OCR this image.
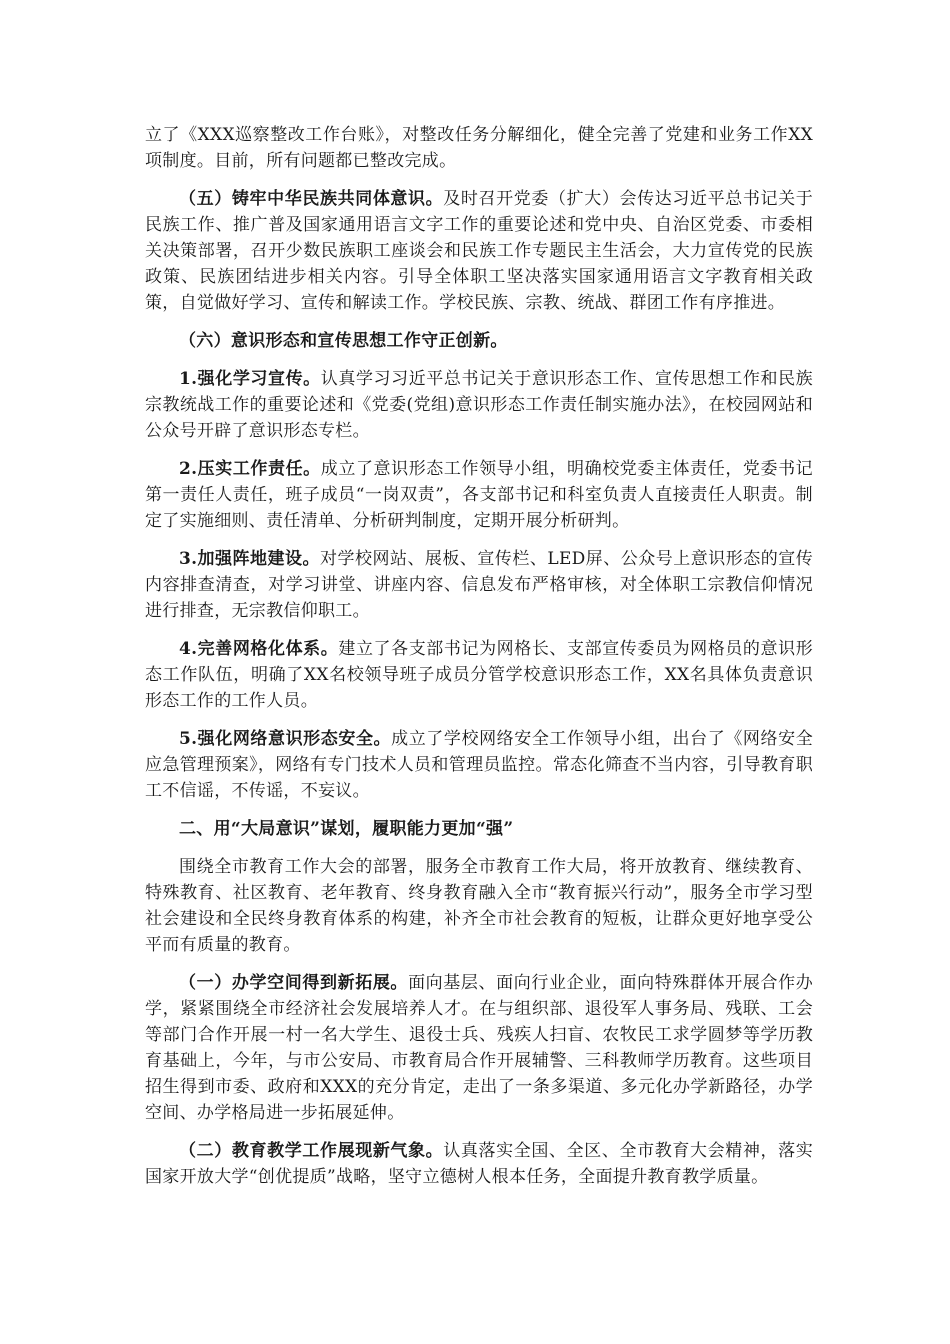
立了《XXX巡察整改工作台账》，对整改任务分解细化，健全完善了党建和业务工作XX项制度。目前，所有问题都已整改完成。

（五）铸牢中华民族共同体意识。及时召开党委（扩大）会传达习近平总书记关于民族工作、推广普及国家通用语言文字工作的重要论述和党中央、自治区党委、市委相关决策部署，召开少数民族职工座谈会和民族工作专题民主生活会，大力宣传党的民族政策、民族团结进步相关内容。引导全体职工坚决落实国家通用语言文字教育相关政策，自觉做好学习、宣传和解读工作。学校民族、宗教、统战、群团工作有序推进。

（六）意识形态和宣传思想工作守正创新。

1.强化学习宣传。认真学习习近平总书记关于意识形态工作、宣传思想工作和民族宗教统战工作的重要论述和《党委(党组)意识形态工作责任制实施办法》，在校园网站和公众号开辟了意识形态专栏。

2.压实工作责任。成立了意识形态工作领导小组，明确校党委主体责任，党委书记第一责任人责任，班子成员“一岗双责”，各支部书记和科室负责人直接责任人职责。制定了实施细则、责任清单、分析研判制度，定期开展分析研判。

3.加强阵地建设。对学校网站、展板、宣传栏、LED屏、公众号上意识形态的宣传内容排查清查，对学习讲堂、讲座内容、信息发布严格审核，对全体职工宗教信仰情况进行排查，无宗教信仰职工。

4.完善网格化体系。建立了各支部书记为网格长、支部宣传委员为网格员的意识形态工作队伍，明确了XX名校领导班子成员分管学校意识形态工作，XX名具体负责意识形态工作的工作人员。

5.强化网络意识形态安全。成立了学校网络安全工作领导小组，出台了《网络安全应急管理预案》，网络有专门技术人员和管理员监控。常态化筛查不当内容，引导教育职工不信谣，不传谣，不妄议。

二、用“大局意识”谋划，履职能力更加“强”

围绕全市教育工作大会的部署，服务全市教育工作大局，将开放教育、继续教育、特殊教育、社区教育、老年教育、终身教育融入全市“教育振兴行动”，服务全市学习型社会建设和全民终身教育体系的构建，补齐全市社会教育的短板，让群众更好地享受公平而有质量的教育。

（一）办学空间得到新拓展。面向基层、面向行业企业，面向特殊群体开展合作办学，紧紧围绕全市经济社会发展培养人才。在与组织部、退役军人事务局、残联、工会等部门合作开展一村一名大学生、退役士兵、残疾人扫盲、农牧民工求学圆梦等学历教育基础上，今年，与市公安局、市教育局合作开展辅警、三科教师学历教育。这些项目招生得到市委、政府和XXX的充分肯定，走出了一条多渠道、多元化办学新路径，办学空间、办学格局进一步拓展延伸。

（二）教育教学工作展现新气象。认真落实全国、全区、全市教育大会精神，落实国家开放大学“创优提质”战略，坚守立德树人根本任务，全面提升教育教学质量。
